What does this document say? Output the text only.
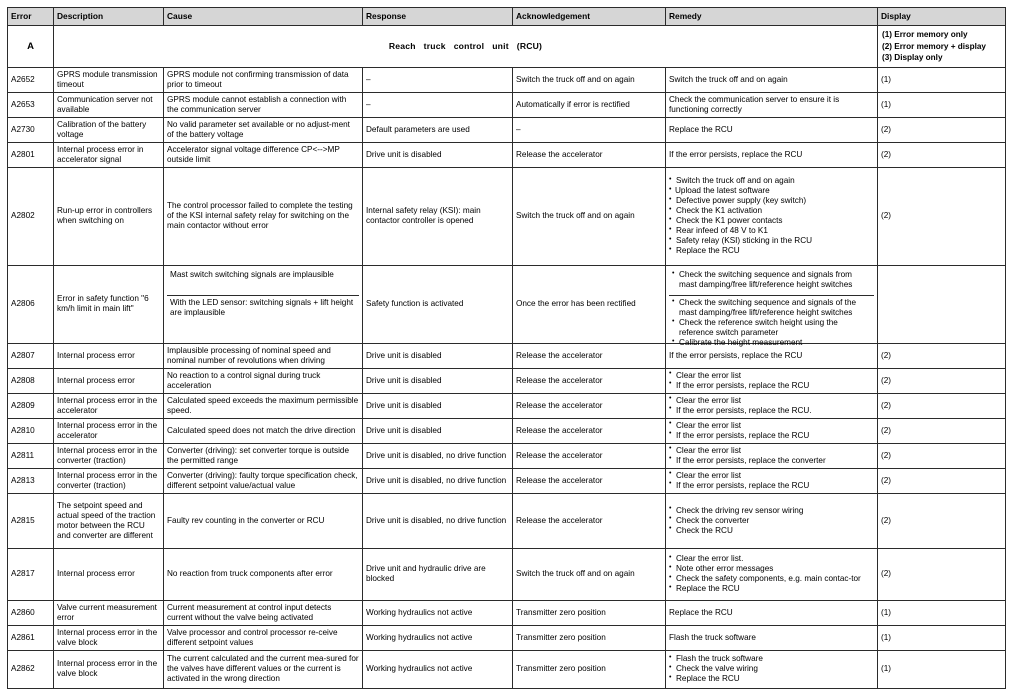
Error	Description	Cause	Response	Acknowledgement	Remedy	Display
A	Reach truck control unit (RCU)					(1) Error memory only
(2) Error memory + display
(3) Display only

A2652	GPRS module transmission timeout	GPRS module not confirming transmission of data prior to timeout	–	Switch the truck off and on again	Switch the truck off and on again	(1)
A2653	Communication server not available	GPRS module cannot establish a connection with the communication server	–	Automatically if error is rectified	Check the communication server to ensure it is functioning correctly	(1)
A2730	Calibration of the battery voltage	No valid parameter set available or no adjust-ment of the battery voltage	Default parameters are used	–	Replace the RCU	(2)
A2801	Internal process error in accelerator signal	Accelerator signal voltage difference CP<-->MP outside limit	Drive unit is disabled	Release the accelerator	If the error persists, replace the RCU	(2)
A2802	Run-up error in controllers when switching on	The control processor failed to complete the testing of the KSI internal safety relay for switching on the main contactor without error	Internal safety relay (KSI): main contactor controller is opened	Switch the truck off and on again	
• Switch the truck off and on again
• Upload the latest software
• Defective power supply (key switch)
• Check the K1 activation
• Check the K1 power contacts
• Rear infeed of 48 V to K1
• Safety relay (KSI) sticking in the RCU
• Replace the RCU
	(2)
A2806	Error in safety function "6 km/h limit in main lift"	
Mast switch switching signals are implausible
With the LED sensor: switching signals + lift height are implausible
	Safety function is activated	Once the error has been rectified	
• Check the switching sequence and signals from mast damping/free lift/reference height switches
• Check the switching sequence and signals of the mast damping/free lift/reference height switches
• Check the reference switch height using the reference switch parameter
• Calibrate the height measurement

A2807	Internal process error	Implausible processing of nominal speed and nominal number of revolutions when driving	Drive unit is disabled	Release the accelerator	If the error persists, replace the RCU	(2)
A2808	Internal process error	No reaction to a control signal during truck acceleration	Drive unit is disabled	Release the accelerator	
• Clear the error list
• If the error persists, replace the RCU
	(2)
A2809	Internal process error in the accelerator	Calculated speed exceeds the maximum permissible speed.	Drive unit is disabled	Release the accelerator	
• Clear the error list
• If the error persists, replace the RCU.
	(2)
A2810	Internal process error in the accelerator	Calculated speed does not match the drive direction	Drive unit is disabled	Release the accelerator	
• Clear the error list
• If the error persists, replace the RCU
	(2)
A2811	Internal process error in the converter (traction)	Converter (driving): set converter torque is outside the permitted range	Drive unit is disabled, no drive function	Release the accelerator	
• Clear the error list
• If the error persists, replace the converter
	(2)
A2813	Internal process error in the converter (traction)	Converter (driving): faulty torque specification check, different setpoint value/actual value	Drive unit is disabled, no drive function	Release the accelerator	
• Clear the error list
• If the error persists, replace the RCU
	(2)
A2815	The setpoint speed and actual speed of the traction motor between the RCU and converter are different	Faulty rev counting in the converter or RCU	Drive unit is disabled, no drive function	Release the accelerator	
• Check the driving rev sensor wiring
• Check the converter
• Check the RCU
	(2)
A2817	Internal process error	No reaction from truck components after error	Drive unit and hydraulic drive are blocked	Switch the truck off and on again	
• Clear the error list.
• Note other error messages
• Check the safety components, e.g. main contac-tor
• Replace the RCU
	(2)
A2860	Valve current measurement error	Current measurement at control input detects current without the valve being activated	Working hydraulics not active	Transmitter zero position	Replace the RCU	(1)
A2861	Internal process error in the valve block	Valve processor and control processor re-ceive different setpoint values	Working hydraulics not active	Transmitter zero position	Flash the truck software	(1)
A2862	Internal process error in the valve block	The current calculated and the current mea-sured for the valves have different values or the current is activated in the wrong direction	Working hydraulics not active	Transmitter zero position	
• Flash the truck software
• Check the valve wiring
• Replace the RCU
	(1)
